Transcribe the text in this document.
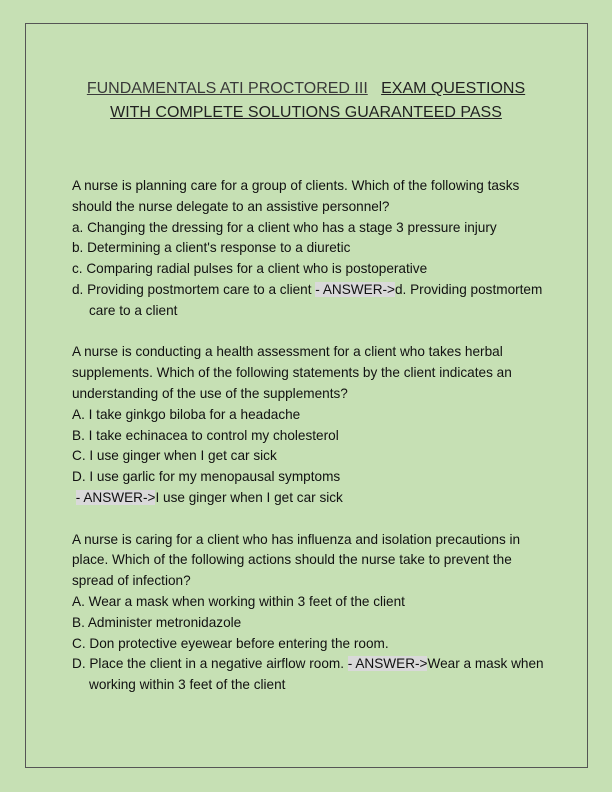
FUNDAMENTALS ATI PROCTORED III EXAM QUESTIONS
WITH COMPLETE SOLUTIONS GUARANTEED PASS

A nurse is planning care for a group of clients. Which of the following tasks should the nurse delegate to an assistive personnel?

a. Changing the dressing for a client who has a stage 3 pressure injury

b. Determining a client's response to a diuretic

c. Comparing radial pulses for a client who is postoperative

d. Providing postmortem care to a client - ANSWER->d. Providing postmortem care to a client

A nurse is conducting a health assessment for a client who takes herbal supplements. Which of the following statements by the client indicates an understanding of the use of the supplements?

A. I take ginkgo biloba for a headache

B. I take echinacea to control my cholesterol

C. I use ginger when I get car sick

D. I use garlic for my menopausal symptoms

- ANSWER->I use ginger when I get car sick

A nurse is caring for a client who has influenza and isolation precautions in place. Which of the following actions should the nurse take to prevent the spread of infection?

A. Wear a mask when working within 3 feet of the client

B. Administer metronidazole

C. Don protective eyewear before entering the room.

D. Place the client in a negative airflow room. - ANSWER->Wear a mask when working within 3 feet of the client
